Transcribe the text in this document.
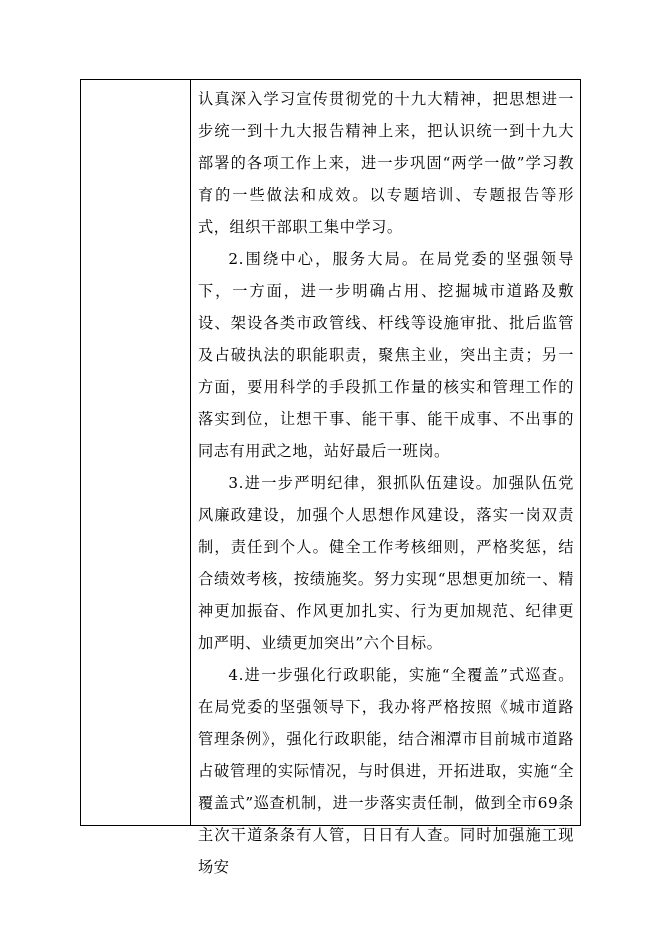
认真深入学习宣传贯彻党的十九大精神，把思想进一步统一到十九大报告精神上来，把认识统一到十九大部署的各项工作上来，进一步巩固“两学一做”学习教育的一些做法和成效。以专题培训、专题报告等形式，组织干部职工集中学习。

2.围绕中心，服务大局。在局党委的坚强领导下，一方面，进一步明确占用、挖掘城市道路及敷设、架设各类市政管线、杆线等设施审批、批后监管及占破执法的职能职责，聚焦主业，突出主责；另一方面，要用科学的手段抓工作量的核实和管理工作的落实到位，让想干事、能干事、能干成事、不出事的同志有用武之地，站好最后一班岗。

3.进一步严明纪律，狠抓队伍建设。加强队伍党风廉政建设，加强个人思想作风建设，落实一岗双责制，责任到个人。健全工作考核细则，严格奖惩，结合绩效考核，按绩施奖。努力实现“思想更加统一、精神更加振奋、作风更加扎实、行为更加规范、纪律更加严明、业绩更加突出”六个目标。

4.进一步强化行政职能，实施“全覆盖”式巡查。在局党委的坚强领导下，我办将严格按照《城市道路管理条例》，强化行政职能，结合湘潭市目前城市道路占破管理的实际情况，与时俱进，开拓进取，实施“全覆盖式”巡查机制，进一步落实责任制，做到全市69条主次干道条条有人管，日日有人查。同时加强施工现场安
